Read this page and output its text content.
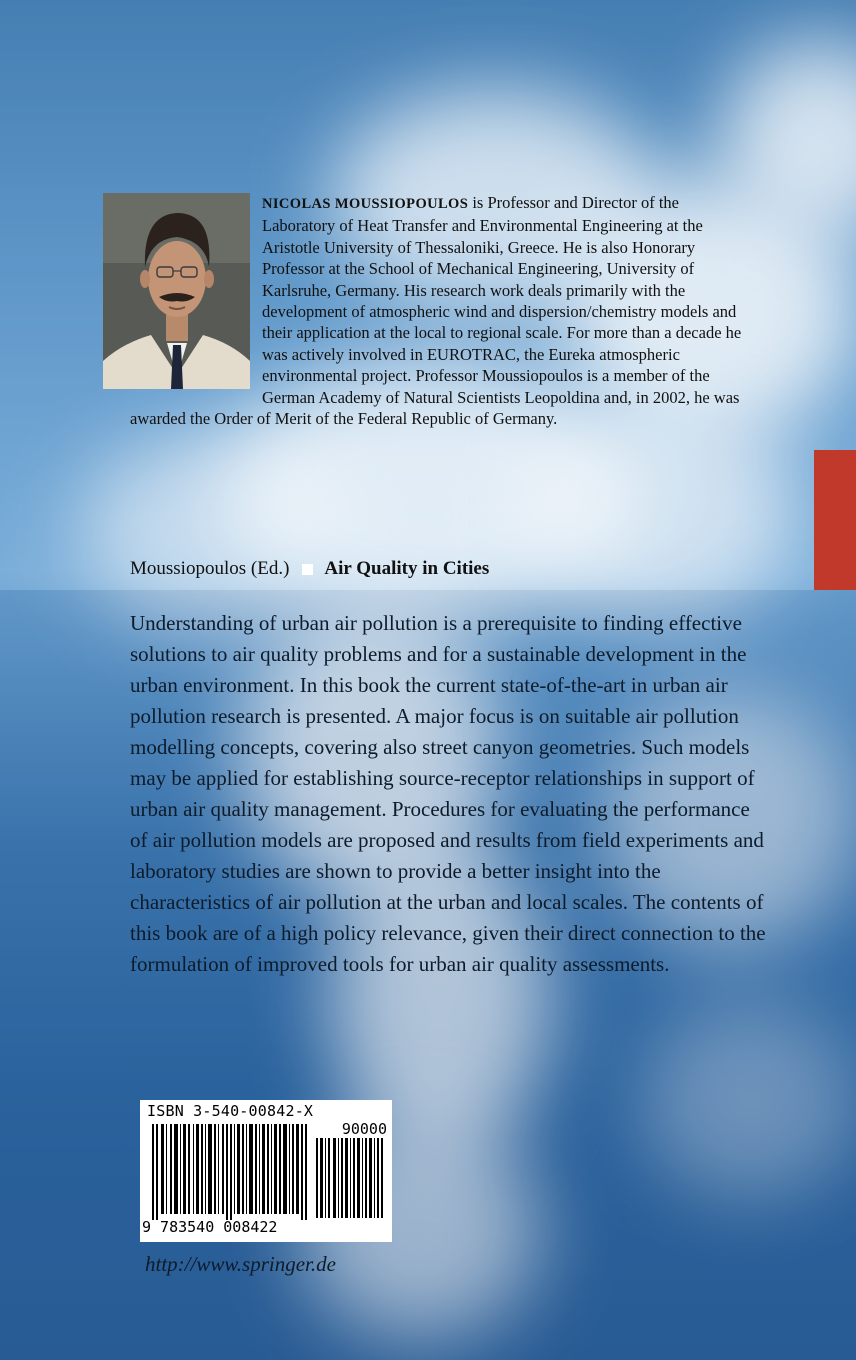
NICOLAS MOUSSIOPOULOS is Professor and Director of the Laboratory of Heat Transfer and Environmental Engineering at the Aristotle University of Thessaloniki, Greece. He is also Honorary Professor at the School of Mechanical Engineering, University of Karlsruhe, Germany. His research work deals primarily with the development of atmospheric wind and dispersion/chemistry models and their application at the local to regional scale. For more than a decade he was actively involved in EUROTRAC, the Eureka atmospheric environmental project. Professor Moussiopoulos is a member of the German Academy of Natural Scientists Leopoldina and, in 2002, he was awarded the Order of Merit of the Federal Republic of Germany.
Moussiopoulos (Ed.) Air Quality in Cities
Understanding of urban air pollution is a prerequisite to finding effective solutions to air quality problems and for a sustainable development in the urban environment. In this book the current state-of-the-art in urban air pollution research is presented. A major focus is on suitable air pollution modelling concepts, covering also street canyon geometries. Such models may be applied for establishing source-receptor relationships in support of urban air quality management. Procedures for evaluating the performance of air pollution models are proposed and results from field experiments and laboratory studies are shown to provide a better insight into the characteristics of air pollution at the urban and local scales. The contents of this book are of a high policy relevance, given their direct connection to the formulation of improved tools for urban air quality assessments.
ISBN 3-540-00842-X
90000
9 783540 008422
http://www.springer.de
